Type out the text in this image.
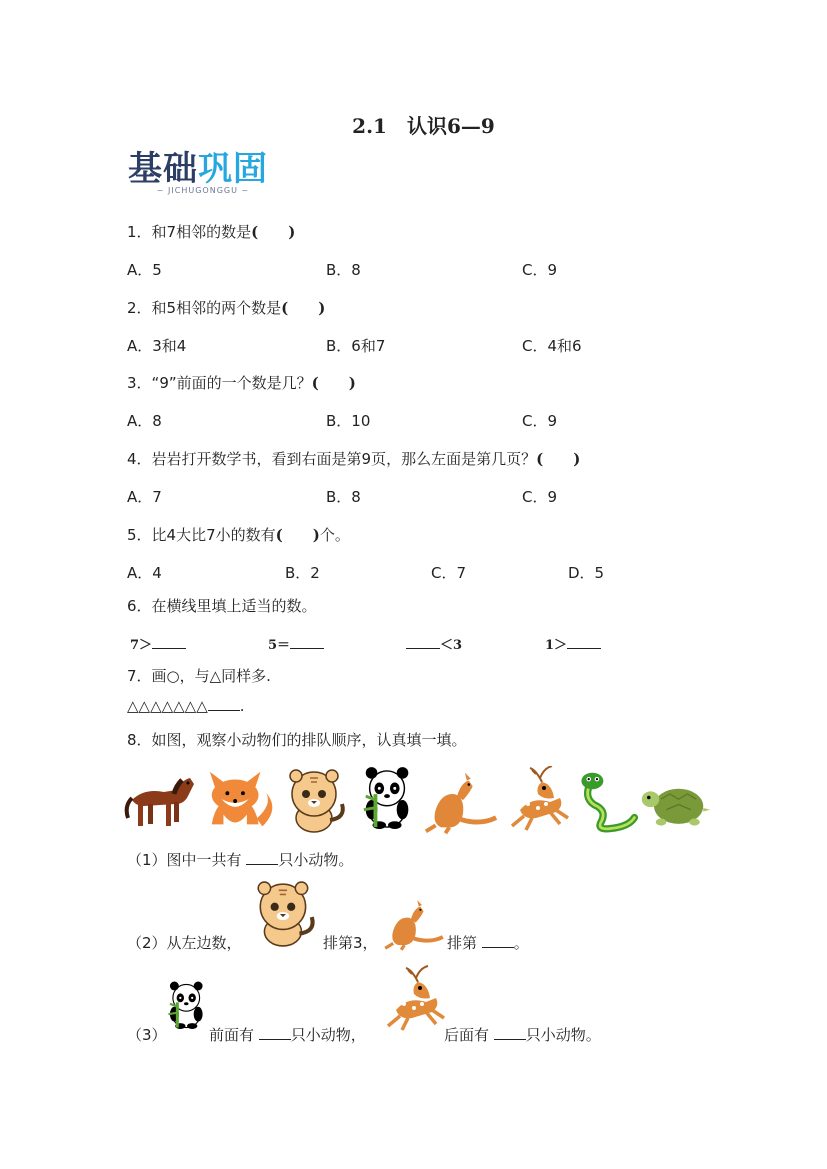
2.1　认识6—9
基础巩固
~ JICHUGONGGU ~
1．和7相邻的数是(　　)
A．5	B．8	C．9
2．和5相邻的两个数是(　　)
A．3和4	B．6和7	C．4和6
3．“9”前面的一个数是几？(　　)
A．8	B．10	C．9
4．岩岩打开数学书，看到右面是第9页，那么左面是第几页？(　　)
A．7	B．8	C．9
5．比4大比7小的数有(　　)个。
A．4	B．2	C．7	D．5
6．在横线里填上适当的数。
7＞	5＝	＜3	1＞
7．画○，与△同样多.
△△△△△△△ .
8．如图，观察小动物们的排队顺序，认真填一填。
（1）图中一共有 只小动物。
（2）从左边数，	排第3，	排第 。
（3）	前面有 只小动物，	后面有 只小动物。
